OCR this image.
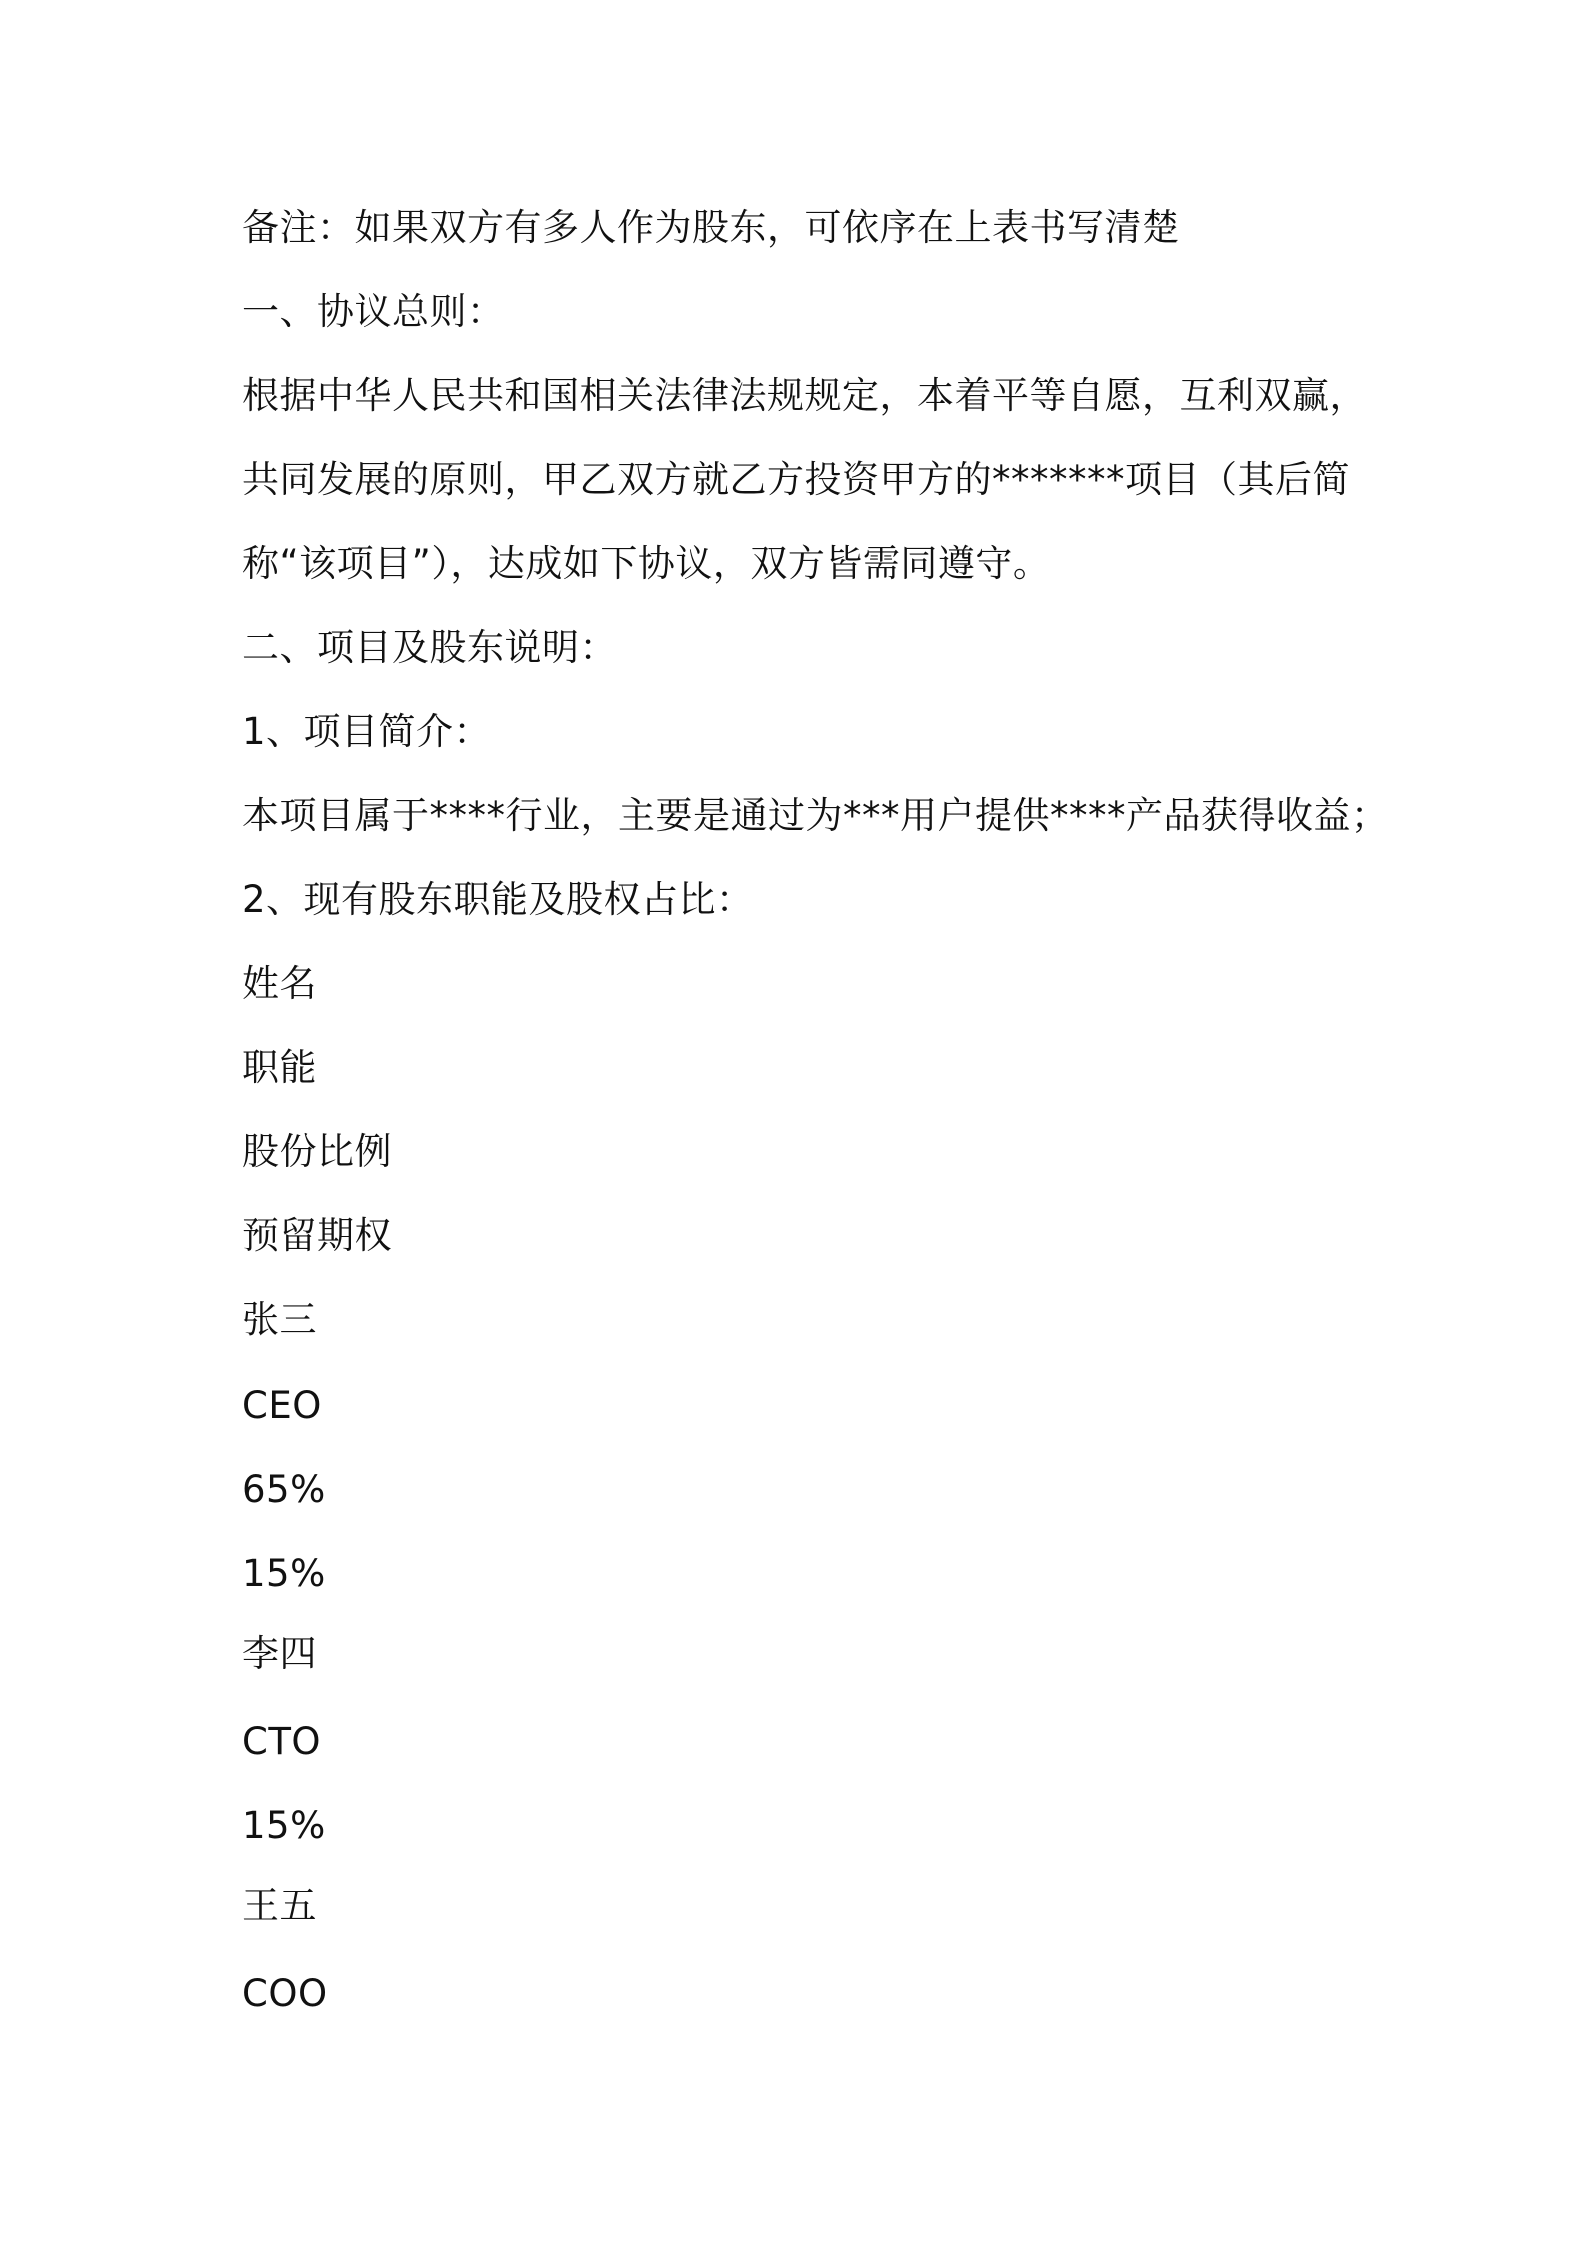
备注：如果双方有多人作为股东，可依序在上表书写清楚
一、协议总则：
根据中华人民共和国相关法律法规规定，本着平等自愿，互利双赢，
共同发展的原则，甲乙双方就乙方投资甲方的*******项目（其后简
称“该项目”），达成如下协议，双方皆需同遵守。
二、项目及股东说明：
1、项目简介：
本项目属于****行业，主要是通过为***用户提供****产品获得收益；
2、现有股东职能及股权占比：
姓名
职能
股份比例
预留期权
张三
CEO
65%
15%
李四
CTO
15%
王五
COO
